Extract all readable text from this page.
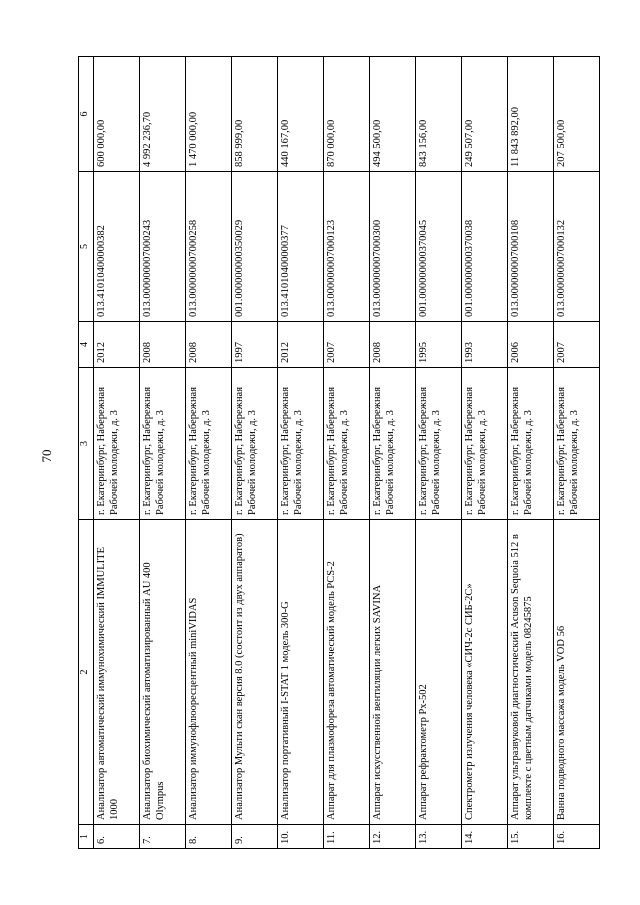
70
1	2	3	4	5	6
6.	Анализатор автоматический иммунохимический IMMULITE 1000	г. Екатеринбург, Набережная Рабочей молодежи, д. 3	2012	013.41010400000382	600 000,00
7.	Анализатор биохимический автоматизированный AU 400 Olympus	г. Екатеринбург, Набережная Рабочей молодежи, д. 3	2008	013.000000007000243	4 992 236,70
8.	Анализатор иммунофлюоресцентный miniVIDAS	г. Екатеринбург, Набережная Рабочей молодежи, д. 3	2008	013.000000007000258	1 470 000,00
9.	Анализатор Мульти скан версия 8.0 (состоит из двух аппаратов)	г. Екатеринбург, Набережная Рабочей молодежи, д. 3	1997	001.000000000350029	858 999,00
10.	Анализатор портативный I-STAT 1 модель 300-G	г. Екатеринбург, Набережная Рабочей молодежи, д. 3	2012	013.41010400000377	440 167,00
11.	Аппарат для плазмофореза автоматический модель PCS-2	г. Екатеринбург, Набережная Рабочей молодежи, д. 3	2007	013.000000007000123	870 000,00
12.	Аппарат искусственной вентиляции легких SAVINA	г. Екатеринбург, Набережная Рабочей молодежи, д. 3	2008	013.000000007000300	494 500,00
13.	Аппарат рефрактометр Рх-502	г. Екатеринбург, Набережная Рабочей молодежи, д. 3	1995	001.000000000370045	843 156,00
14.	Спектрометр излучения человека «СИЧ-2с СИБ-2С»	г. Екатеринбург, Набережная Рабочей молодежи, д. 3	1993	001.000000000370038	249 507,00
15.	Аппарат ультразвуковой диагностический Acuson Sequoia 512 в комплекте с цветным датчиками модель 08245875	г. Екатеринбург, Набережная Рабочей молодежи, д. 3	2006	013.000000007000108	11 843 892,00
16.	Ванна подводного массажа модель VOD 56	г. Екатеринбург, Набережная Рабочей молодежи, д. 3	2007	013.000000007000132	207 500,00
